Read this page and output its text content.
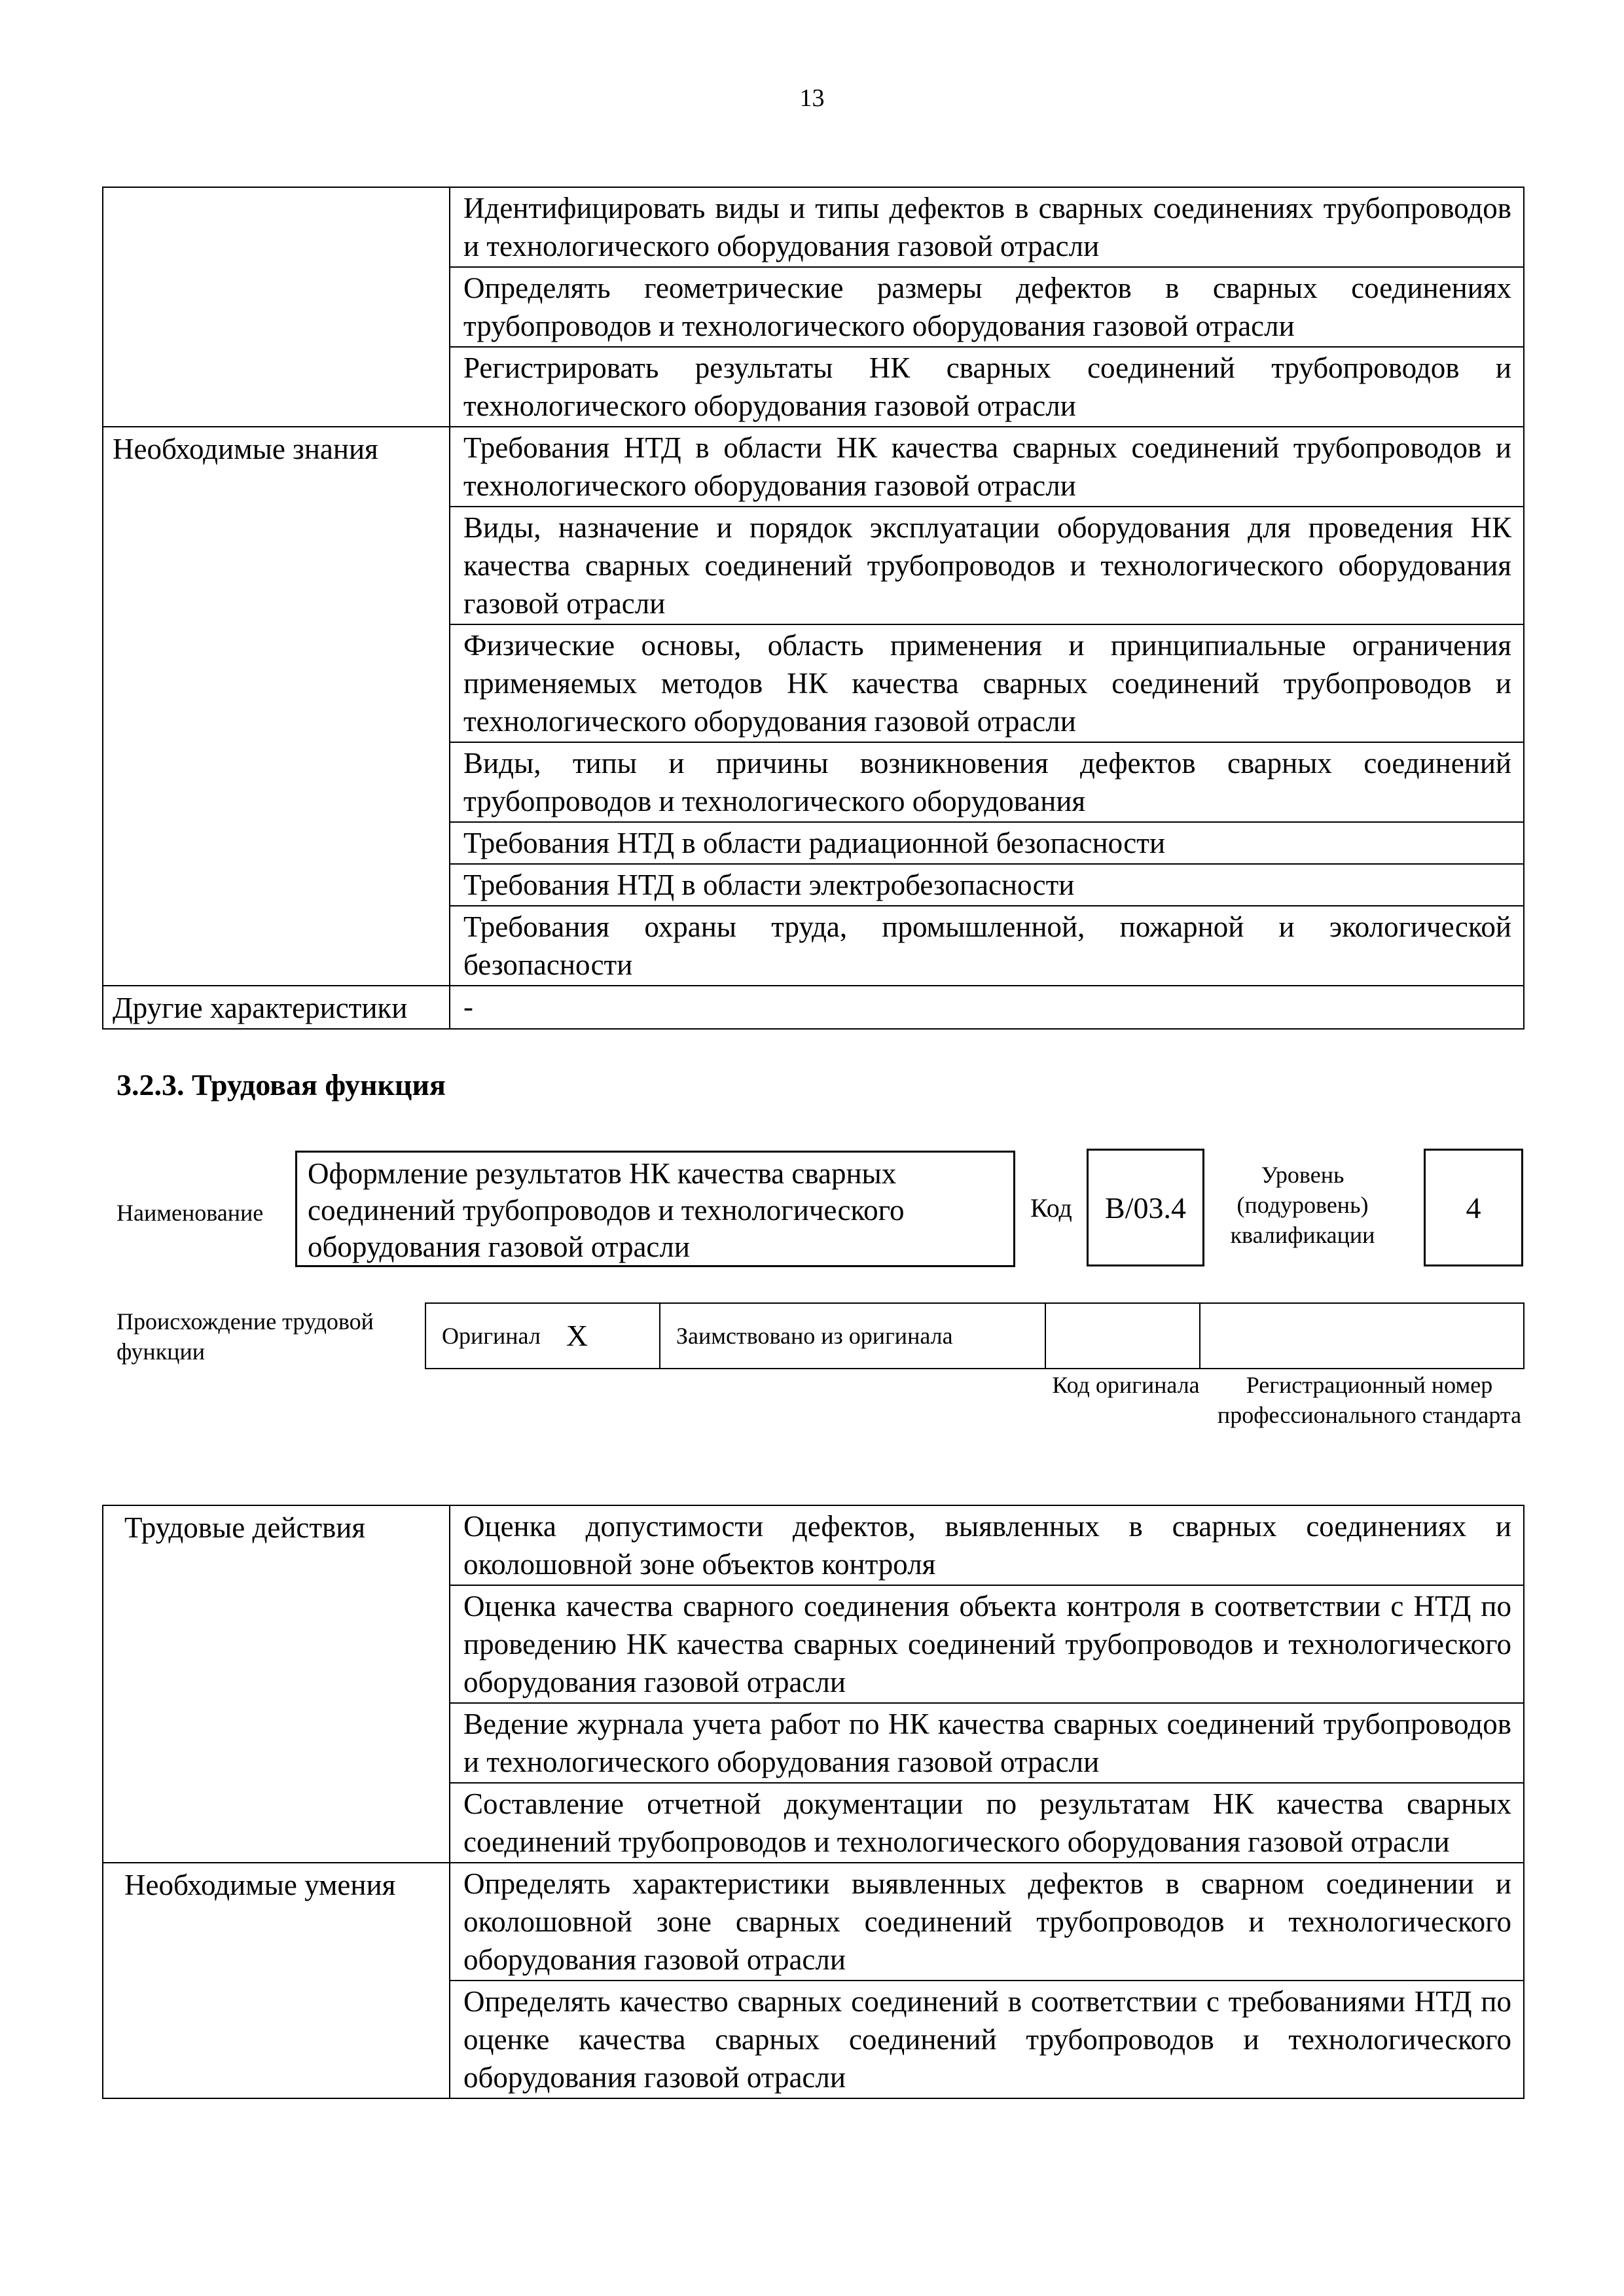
13
	Идентифицировать виды и типы дефектов в сварных соединениях трубопроводов и технологического оборудования газовой отрасли
	Определять геометрические размеры дефектов в сварных соединениях трубопроводов и технологического оборудования газовой отрасли
	Регистрировать результаты НК сварных соединений трубопроводов и технологического оборудования газовой отрасли
Необходимые знания	Требования НТД в области НК качества сварных соединений трубопроводов и технологического оборудования газовой отрасли
	Виды, назначение и порядок эксплуатации оборудования для проведения НК качества сварных соединений трубопроводов и технологического оборудования газовой отрасли
	Физические основы, область применения и принципиальные ограничения применяемых методов НК качества сварных соединений трубопроводов и технологического оборудования газовой отрасли
	Виды, типы и причины возникновения дефектов сварных соединений трубопроводов и технологического оборудования
	Требования НТД в области радиационной безопасности
	Требования НТД в области электробезопасности
	Требования охраны труда, промышленной, пожарной и экологической безопасности
Другие характеристики	-
3.2.3. Трудовая функция
Наименование
Оформление результатов НК качества сварных соединений трубопроводов и технологического оборудования газовой отрасли
Код	B/03.4
Уровень (подуровень) квалификации
4
Происхождение трудовой функции
Оригинал	X	Заимствовано из оригинала		
Код оригинала	Регистрационный номер профессионального стандарта
Трудовые действия	Оценка допустимости дефектов, выявленных в сварных соединениях и околошовной зоне объектов контроля
	Оценка качества сварного соединения объекта контроля в соответствии с НТД по проведению НК качества сварных соединений трубопроводов и технологического оборудования газовой отрасли
	Ведение журнала учета работ по НК качества сварных соединений трубопроводов и технологического оборудования газовой отрасли
	Составление отчетной документации по результатам НК качества сварных соединений трубопроводов и технологического оборудования газовой отрасли
Необходимые умения	Определять характеристики выявленных дефектов в сварном соединении и околошовной зоне сварных соединений трубопроводов и технологического оборудования газовой отрасли
	Определять качество сварных соединений в соответствии с требованиями НТД по оценке качества сварных соединений трубопроводов и технологического оборудования газовой отрасли
